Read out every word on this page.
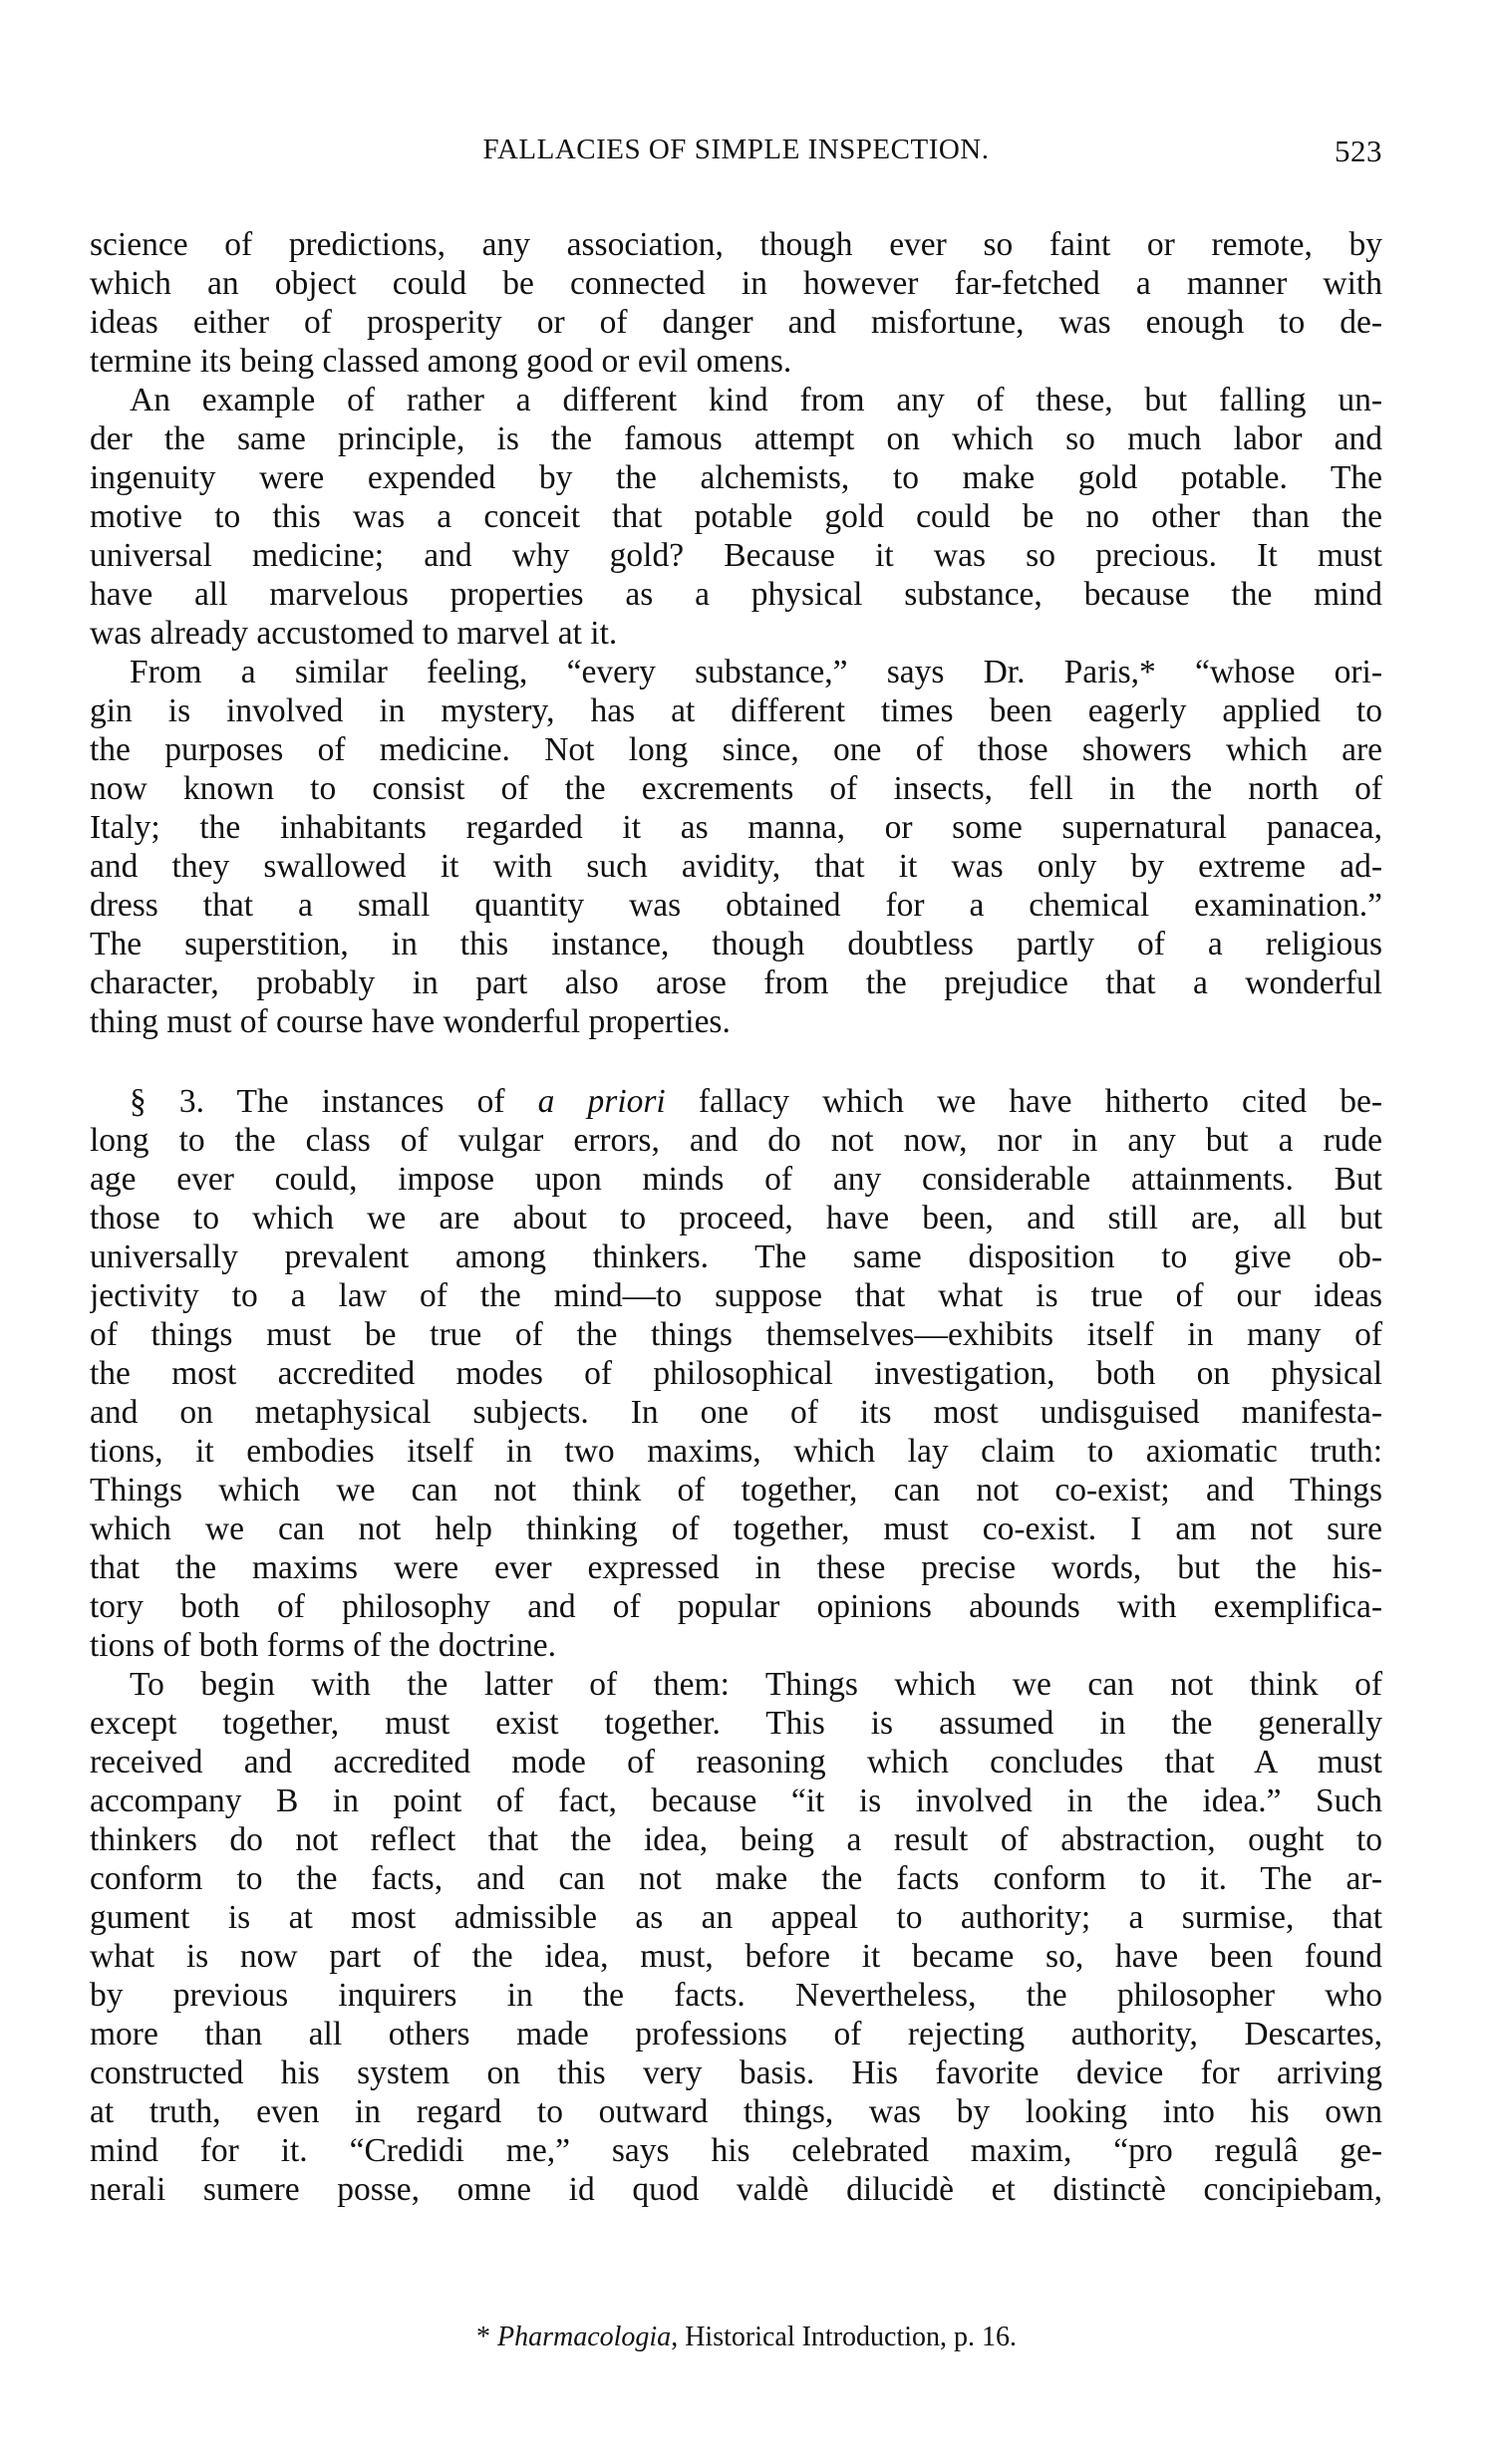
FALLACIES OF SIMPLE INSPECTION.	523
science of predictions, any association, though ever so faint or remote, by
which an object could be connected in however far-fetched a manner with
ideas either of prosperity or of danger and misfortune, was enough to de-
termine its being classed among good or evil omens.
An example of rather a different kind from any of these, but falling un-
der the same principle, is the famous attempt on which so much labor and
ingenuity were expended by the alchemists, to make gold potable. The
motive to this was a conceit that potable gold could be no other than the
universal medicine; and why gold? Because it was so precious. It must
have all marvelous properties as a physical substance, because the mind
was already accustomed to marvel at it.
From a similar feeling, “every substance,” says Dr. Paris,* “whose ori-
gin is involved in mystery, has at different times been eagerly applied to
the purposes of medicine. Not long since, one of those showers which are
now known to consist of the excrements of insects, fell in the north of
Italy; the inhabitants regarded it as manna, or some supernatural panacea,
and they swallowed it with such avidity, that it was only by extreme ad-
dress that a small quantity was obtained for a chemical examination.”
The superstition, in this instance, though doubtless partly of a religious
character, probably in part also arose from the prejudice that a wonderful
thing must of course have wonderful properties.
§ 3. The instances of a priori fallacy which we have hitherto cited be-
long to the class of vulgar errors, and do not now, nor in any but a rude
age ever could, impose upon minds of any considerable attainments. But
those to which we are about to proceed, have been, and still are, all but
universally prevalent among thinkers. The same disposition to give ob-
jectivity to a law of the mind—to suppose that what is true of our ideas
of things must be true of the things themselves—exhibits itself in many of
the most accredited modes of philosophical investigation, both on physical
and on metaphysical subjects. In one of its most undisguised manifesta-
tions, it embodies itself in two maxims, which lay claim to axiomatic truth:
Things which we can not think of together, can not co-exist; and Things
which we can not help thinking of together, must co-exist. I am not sure
that the maxims were ever expressed in these precise words, but the his-
tory both of philosophy and of popular opinions abounds with exemplifica-
tions of both forms of the doctrine.
To begin with the latter of them: Things which we can not think of
except together, must exist together. This is assumed in the generally
received and accredited mode of reasoning which concludes that A must
accompany B in point of fact, because “it is involved in the idea.” Such
thinkers do not reflect that the idea, being a result of abstraction, ought to
conform to the facts, and can not make the facts conform to it. The ar-
gument is at most admissible as an appeal to authority; a surmise, that
what is now part of the idea, must, before it became so, have been found
by previous inquirers in the facts. Nevertheless, the philosopher who
more than all others made professions of rejecting authority, Descartes,
constructed his system on this very basis. His favorite device for arriving
at truth, even in regard to outward things, was by looking into his own
mind for it. “Credidi me,” says his celebrated maxim, “pro regulâ ge-
nerali sumere posse, omne id quod valdè dilucidè et distinctè concipiebam,
* Pharmacologia, Historical Introduction, p. 16.
